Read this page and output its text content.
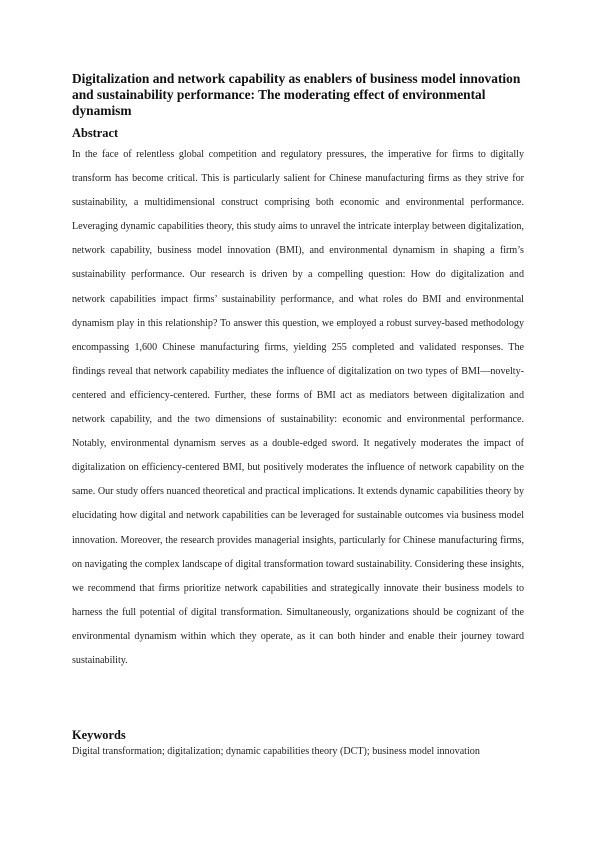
Digitalization and network capability as enablers of business model innovation and sustainability performance: The moderating effect of environmental dynamism
Abstract

In the face of relentless global competition and regulatory pressures, the imperative for firms to digitally transform has become critical. This is particularly salient for Chinese manufacturing firms as they strive for sustainability, a multidimensional construct comprising both economic and environmental performance. Leveraging dynamic capabilities theory, this study aims to unravel the intricate interplay between digitalization, network capability, business model innovation (BMI), and environmental dynamism in shaping a firm’s sustainability performance. Our research is driven by a compelling question: How do digitalization and network capabilities impact firms’ sustainability performance, and what roles do BMI and environmental dynamism play in this relationship? To answer this question, we employed a robust survey-based methodology encompassing 1,600 Chinese manufacturing firms, yielding 255 completed and validated responses. The findings reveal that network capability mediates the influence of digitalization on two types of BMI—novelty-centered and efficiency-centered. Further, these forms of BMI act as mediators between digitalization and network capability, and the two dimensions of sustainability: economic and environmental performance. Notably, environmental dynamism serves as a double-edged sword. It negatively moderates the impact of digitalization on efficiency-centered BMI, but positively moderates the influence of network capability on the same. Our study offers nuanced theoretical and practical implications. It extends dynamic capabilities theory by elucidating how digital and network capabilities can be leveraged for sustainable outcomes via business model innovation. Moreover, the research provides managerial insights, particularly for Chinese manufacturing firms, on navigating the complex landscape of digital transformation toward sustainability. Considering these insights, we recommend that firms prioritize network capabilities and strategically innovate their business models to harness the full potential of digital transformation. Simultaneously, organizations should be cognizant of the environmental dynamism within which they operate, as it can both hinder and enable their journey toward sustainability.

Keywords

Digital transformation; digitalization; dynamic capabilities theory (DCT); business model innovation
